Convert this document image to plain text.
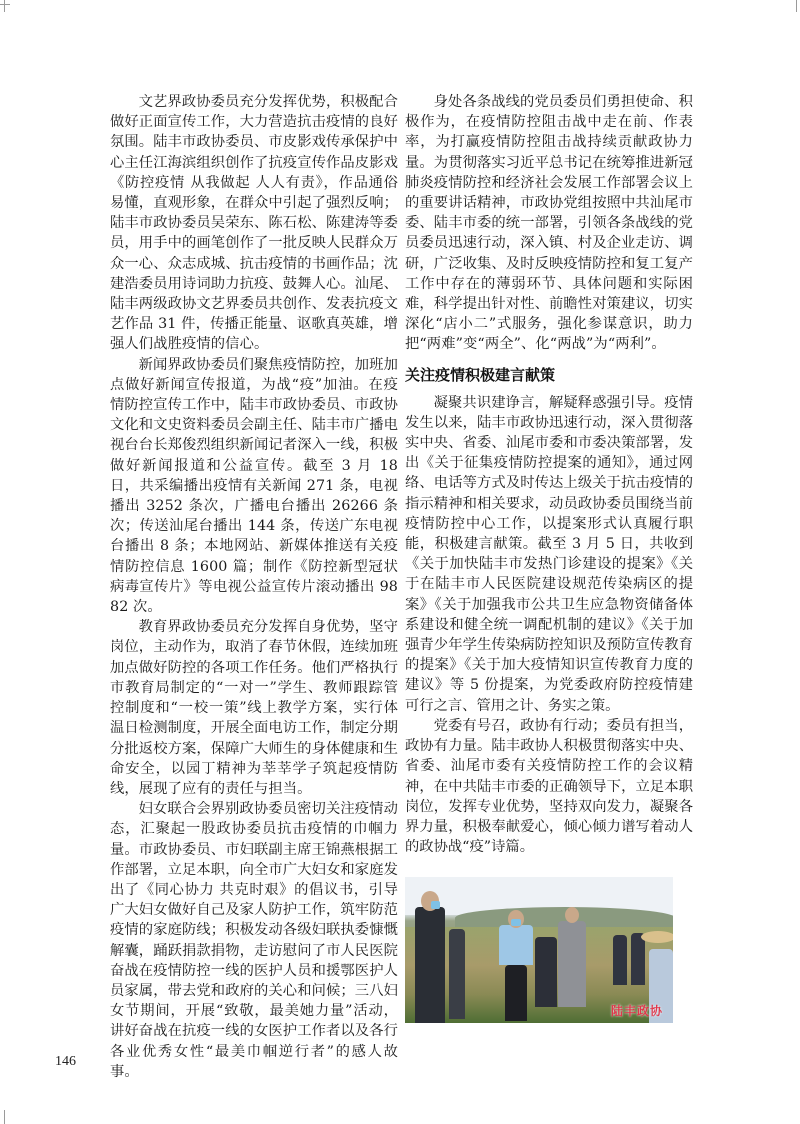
文艺界政协委员充分发挥优势，积极配合做好正面宣传工作，大力营造抗击疫情的良好氛围。陆丰市政协委员、市皮影戏传承保护中心主任江海滨组织创作了抗疫宣传作品皮影戏《防控疫情 从我做起 人人有责》，作品通俗易懂，直观形象，在群众中引起了强烈反响；陆丰市政协委员吴荣东、陈石松、陈建涛等委员，用手中的画笔创作了一批反映人民群众万众一心、众志成城、抗击疫情的书画作品；沈建浩委员用诗词助力抗疫、鼓舞人心。汕尾、陆丰两级政协文艺界委员共创作、发表抗疫文艺作品 31 件，传播正能量、讴歌真英雄，增强人们战胜疫情的信心。

新闻界政协委员们聚焦疫情防控，加班加点做好新闻宣传报道，为战“疫”加油。在疫情防控宣传工作中，陆丰市政协委员、市政协文化和文史资料委员会副主任、陆丰市广播电视台台长郑俊烈组织新闻记者深入一线，积极做好新闻报道和公益宣传。截至 3 月 18 日，共采编播出疫情有关新闻 271 条，电视播出 3252 条次，广播电台播出 26266 条次；传送汕尾台播出 144 条，传送广东电视台播出 8 条；本地网站、新媒体推送有关疫情防控信息 1600 篇；制作《防控新型冠状病毒宣传片》等电视公益宣传片滚动播出 9882 次。

教育界政协委员充分发挥自身优势，坚守岗位，主动作为，取消了春节休假，连续加班加点做好防控的各项工作任务。他们严格执行市教育局制定的“一对一”学生、教师跟踪管控制度和“一校一策”线上教学方案，实行体温日检测制度，开展全面电访工作，制定分期分批返校方案，保障广大师生的身体健康和生命安全，以园丁精神为莘莘学子筑起疫情防线，展现了应有的责任与担当。

妇女联合会界别政协委员密切关注疫情动态，汇聚起一股政协委员抗击疫情的巾帼力量。市政协委员、市妇联副主席王锦燕根据工作部署，立足本职，向全市广大妇女和家庭发出了《同心协力 共克时艰》的倡议书，引导广大妇女做好自己及家人防护工作，筑牢防范疫情的家庭防线；积极发动各级妇联执委慷慨解囊，踊跃捐款捐物，走访慰问了市人民医院奋战在疫情防控一线的医护人员和援鄂医护人员家属，带去党和政府的关心和问候；三八妇女节期间，开展“致敬，最美她力量”活动，讲好奋战在抗疫一线的女医护工作者以及各行各业优秀女性“最美巾帼逆行者”的感人故事。

身处各条战线的党员委员们勇担使命、积极作为，在疫情防控阻击战中走在前、作表率，为打赢疫情防控阻击战持续贡献政协力量。为贯彻落实习近平总书记在统筹推进新冠肺炎疫情防控和经济社会发展工作部署会议上的重要讲话精神，市政协党组按照中共汕尾市委、陆丰市委的统一部署，引领各条战线的党员委员迅速行动，深入镇、村及企业走访、调研，广泛收集、及时反映疫情防控和复工复产工作中存在的薄弱环节、具体问题和实际困难，科学提出针对性、前瞻性对策建议，切实深化“店小二”式服务，强化参谋意识，助力把“两难”变“两全”、化“两战”为“两利”。

关注疫情积极建言献策

凝聚共识建诤言，解疑释惑强引导。疫情发生以来，陆丰市政协迅速行动，深入贯彻落实中央、省委、汕尾市委和市委决策部署，发出《关于征集疫情防控提案的通知》，通过网络、电话等方式及时传达上级关于抗击疫情的指示精神和相关要求，动员政协委员围绕当前疫情防控中心工作，以提案形式认真履行职能，积极建言献策。截至 3 月 5 日，共收到《关于加快陆丰市发热门诊建设的提案》《关于在陆丰市人民医院建设规范传染病区的提案》《关于加强我市公共卫生应急物资储备体系建设和健全统一调配机制的建议》《关于加强青少年学生传染病防控知识及预防宣传教育的提案》《关于加大疫情知识宣传教育力度的建议》等 5 份提案，为党委政府防控疫情建可行之言、管用之计、务实之策。

党委有号召，政协有行动；委员有担当，政协有力量。陆丰政协人积极贯彻落实中央、省委、汕尾市委有关疫情防控工作的会议精神，在中共陆丰市委的正确领导下，立足本职岗位，发挥专业优势，坚持双向发力，凝聚各界力量，积极奉献爱心，倾心倾力谱写着动人的政协战“疫”诗篇。

陆丰政协
146
